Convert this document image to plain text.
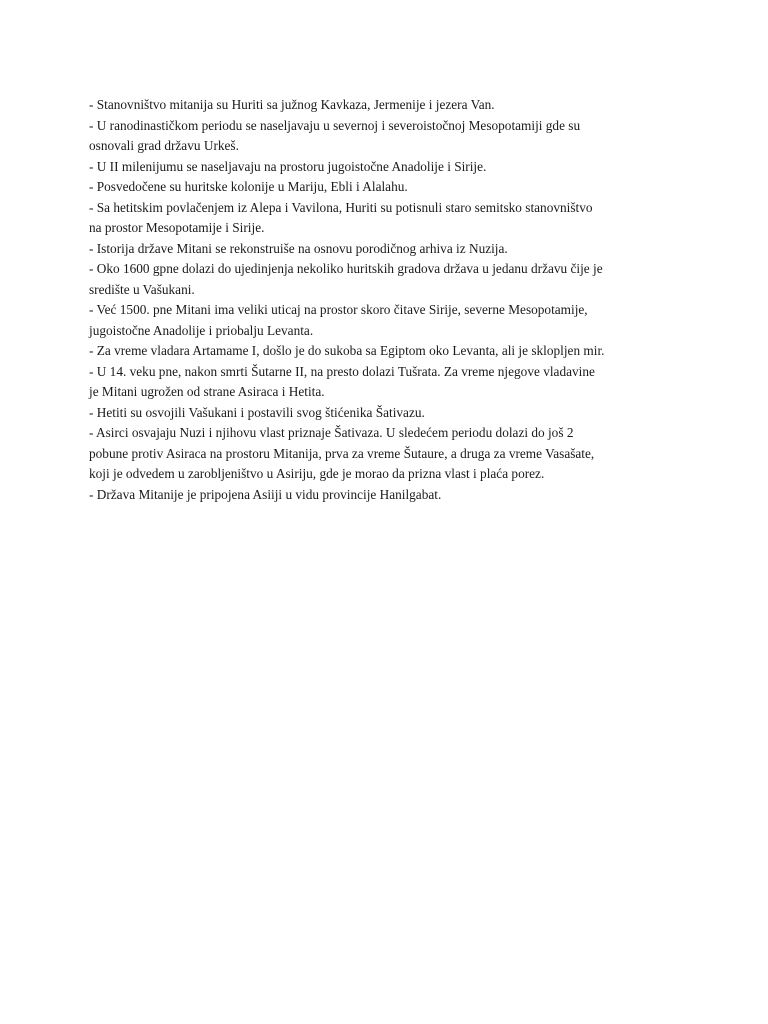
- Stanovništvo mitanija su Huriti sa južnog Kavkaza, Jermenije i jezera Van.

- U ranodinastičkom periodu se naseljavaju u severnoj i severoistočnoj Mesopotamiji gde su

osnovali grad državu Urkeš.

- U II milenijumu se naseljavaju na prostoru jugoistočne Anadolije i Sirije.

- Posvedočene su huritske kolonije u Mariju, Ebli i Alalahu.

- Sa hetitskim povlačenjem iz Alepa i Vavilona, Huriti su potisnuli staro semitsko stanovništvo

na prostor Mesopotamije i Sirije.

- Istorija države Mitani se rekonstruiše na osnovu porodičnog arhiva iz Nuzija.

- Oko 1600 gpne dolazi do ujedinjenja nekoliko huritskih gradova država u jedanu državu čije je

središte u Vašukani.

- Već 1500. pne Mitani ima veliki uticaj na prostor skoro čitave Sirije, severne Mesopotamije,

jugoistočne Anadolije i priobalju Levanta.

- Za vreme vladara Artamame I, došlo je do sukoba sa Egiptom oko Levanta, ali je sklopljen mir.

- U 14. veku pne, nakon smrti Šutarne II, na presto dolazi Tušrata. Za vreme njegove vladavine

je Mitani ugrožen od strane Asiraca i Hetita.

- Hetiti su osvojili Vašukani i postavili svog štićenika Šativazu.

- Asirci osvajaju Nuzi i njihovu vlast priznaje Šativaza. U sledećem periodu dolazi do još 2

pobune protiv Asiraca na prostoru Mitanija, prva za vreme Šutaure, a druga za vreme Vasašate,

koji je odvedem u zarobljeništvo u Asiriju, gde je morao da prizna vlast i plaća porez.

- Država Mitanije je pripojena Asiiji u vidu provincije Hanilgabat.
